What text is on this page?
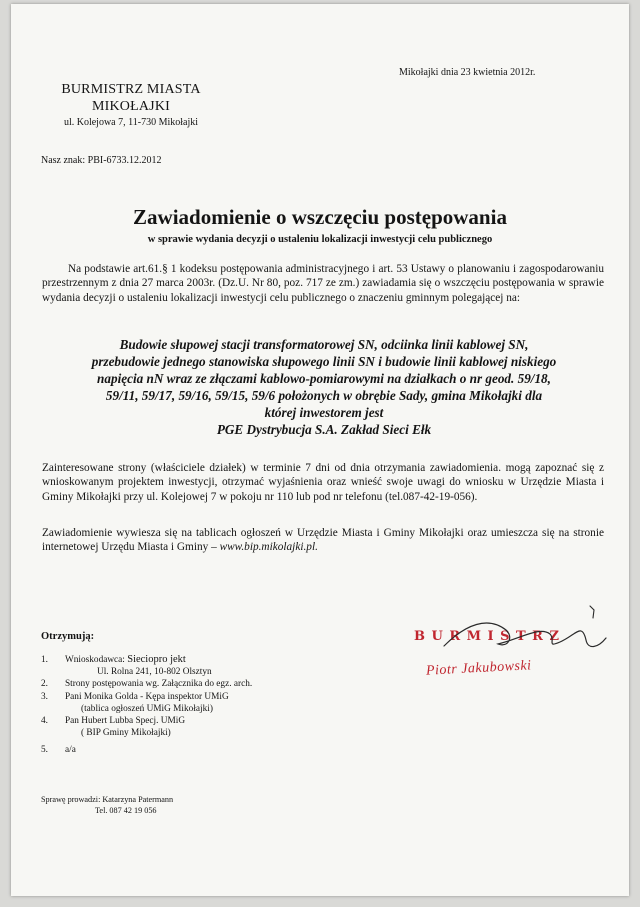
Mikołajki dnia 23 kwietnia 2012r.
BURMISTRZ MIASTA
MIKOŁAJKI
ul. Kolejowa 7, 11-730 Mikołajki
Nasz znak: PBI-6733.12.2012
Zawiadomienie o wszczęciu postępowania
w sprawie wydania decyzji o ustaleniu lokalizacji inwestycji celu publicznego
Na podstawie art.61.§ 1 kodeksu postępowania administracyjnego i art. 53 Ustawy o planowaniu i zagospodarowaniu przestrzennym z dnia 27 marca 2003r. (Dz.U. Nr 80, poz. 717 ze zm.) zawiadamia się o wszczęciu postępowania w sprawie wydania decyzji o ustaleniu lokalizacji inwestycji celu publicznego o znaczeniu gminnym polegającej na:
Budowie słupowej stacji transformatorowej SN, odciinka linii kablowej SN,
przebudowie jednego stanowiska słupowego linii SN i budowie linii kablowej niskiego
napięcia nN wraz ze złączami kablowo-pomiarowymi na działkach o nr geod. 59/18,
59/11, 59/17, 59/16, 59/15, 59/6 położonych w obrębie Sady, gmina Mikołajki dla
której inwestorem jest
PGE Dystrybucja S.A. Zakład Sieci Ełk
Zainteresowane strony (właściciele działek) w terminie 7 dni od dnia otrzymania zawiadomienia. mogą zapoznać się z wnioskowanym projektem inwestycji, otrzymać wyjaśnienia oraz wnieść swoje uwagi do wniosku w Urzędzie Miasta i Gminy Mikołajki przy ul. Kolejowej 7 w pokoju nr 110 lub pod nr telefonu (tel.087-42-19-056).
Zawiadomienie wywiesza się na tablicach ogłoszeń w Urzędzie Miasta i Gminy Mikołajki oraz umieszcza się na stronie internetowej Urzędu Miasta i Gminy – www.bip.mikolajki.pl.
Otrzymują:
1. Wnioskodawca: Sieciopro jekt
Ul. Rolna 241, 10-802 Olsztyn
2. Strony postępowania wg. Załącznika do egz. arch.
3. Pani Monika Golda - Kępa inspektor UMiG
(tablica ogłoszeń UMiG Mikołajki)
4. Pan Hubert Lubba Specj. UMiG
( BIP Gminy Mikołajki)
5. a/a
Sprawę prowadzi: Katarzyna Patermann
Tel. 087 42 19 056
BURMISTRZ
Piotr Jakubowski
